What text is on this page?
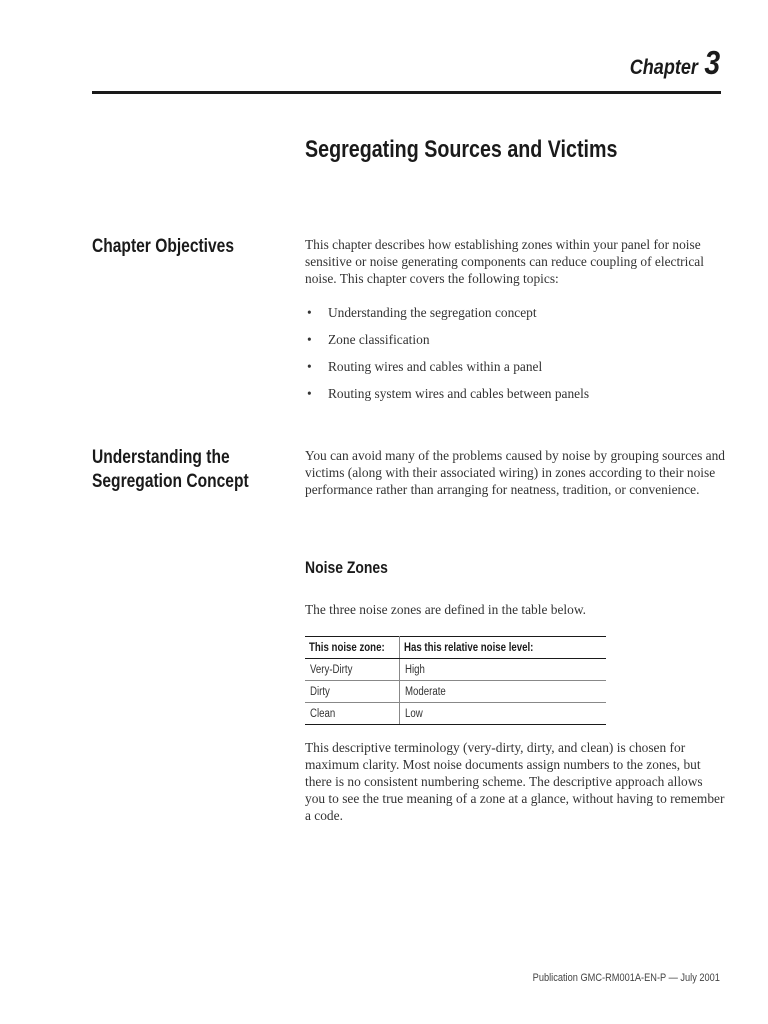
Chapter 3
Segregating Sources and Victims
Chapter Objectives	This chapter describes how establishing zones within your panel for noise sensitive or noise generating components can reduce coupling of electrical noise. This chapter covers the following topics:
• Understanding the segregation concept
• Zone classification
• Routing wires and cables within a panel
• Routing system wires and cables between panels
Understanding the
Segregation Concept
You can avoid many of the problems caused by noise by grouping sources and victims (along with their associated wiring) in zones according to their noise performance rather than arranging for neatness, tradition, or convenience.
Noise Zones
The three noise zones are defined in the table below.
This noise zone:	Has this relative noise level:
Very-Dirty	High
Dirty	Moderate
Clean	Low
This descriptive terminology (very-dirty, dirty, and clean) is chosen for maximum clarity. Most noise documents assign numbers to the zones, but there is no consistent numbering scheme. The descriptive approach allows you to see the true meaning of a zone at a glance, without having to remember a code.
Publication GMC-RM001A-EN-P — July 2001
